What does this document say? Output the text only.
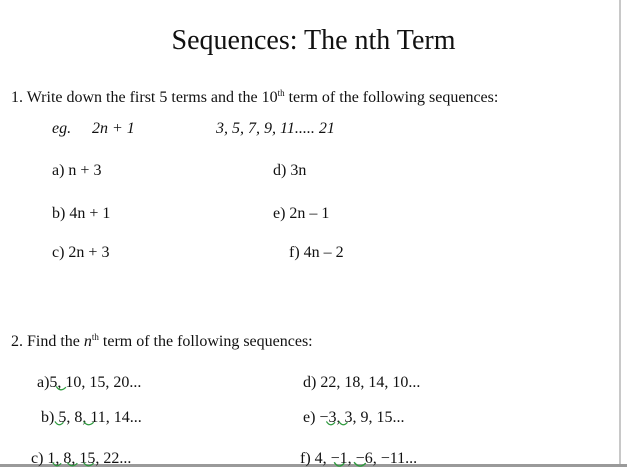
Sequences: The nth Term
1. Write down the first 5 terms and the 10th term of the following sequences:
eg. 2n + 1	3, 5, 7, 9, 11..... 21
a) n + 3	d) 3n
b) 4n + 1	e) 2n – 1
c) 2n + 3	f) 4n – 2
2. Find the $n^{th}$ term of the following sequences:
a)5, 10, 15, 20...	d) 22, 18, 14, 10...
b) 5, 8, 11, 14...	e) −3, 3, 9, 15...
c) 1, 8, 15, 22...	f) 4, −1, −6, −11...
